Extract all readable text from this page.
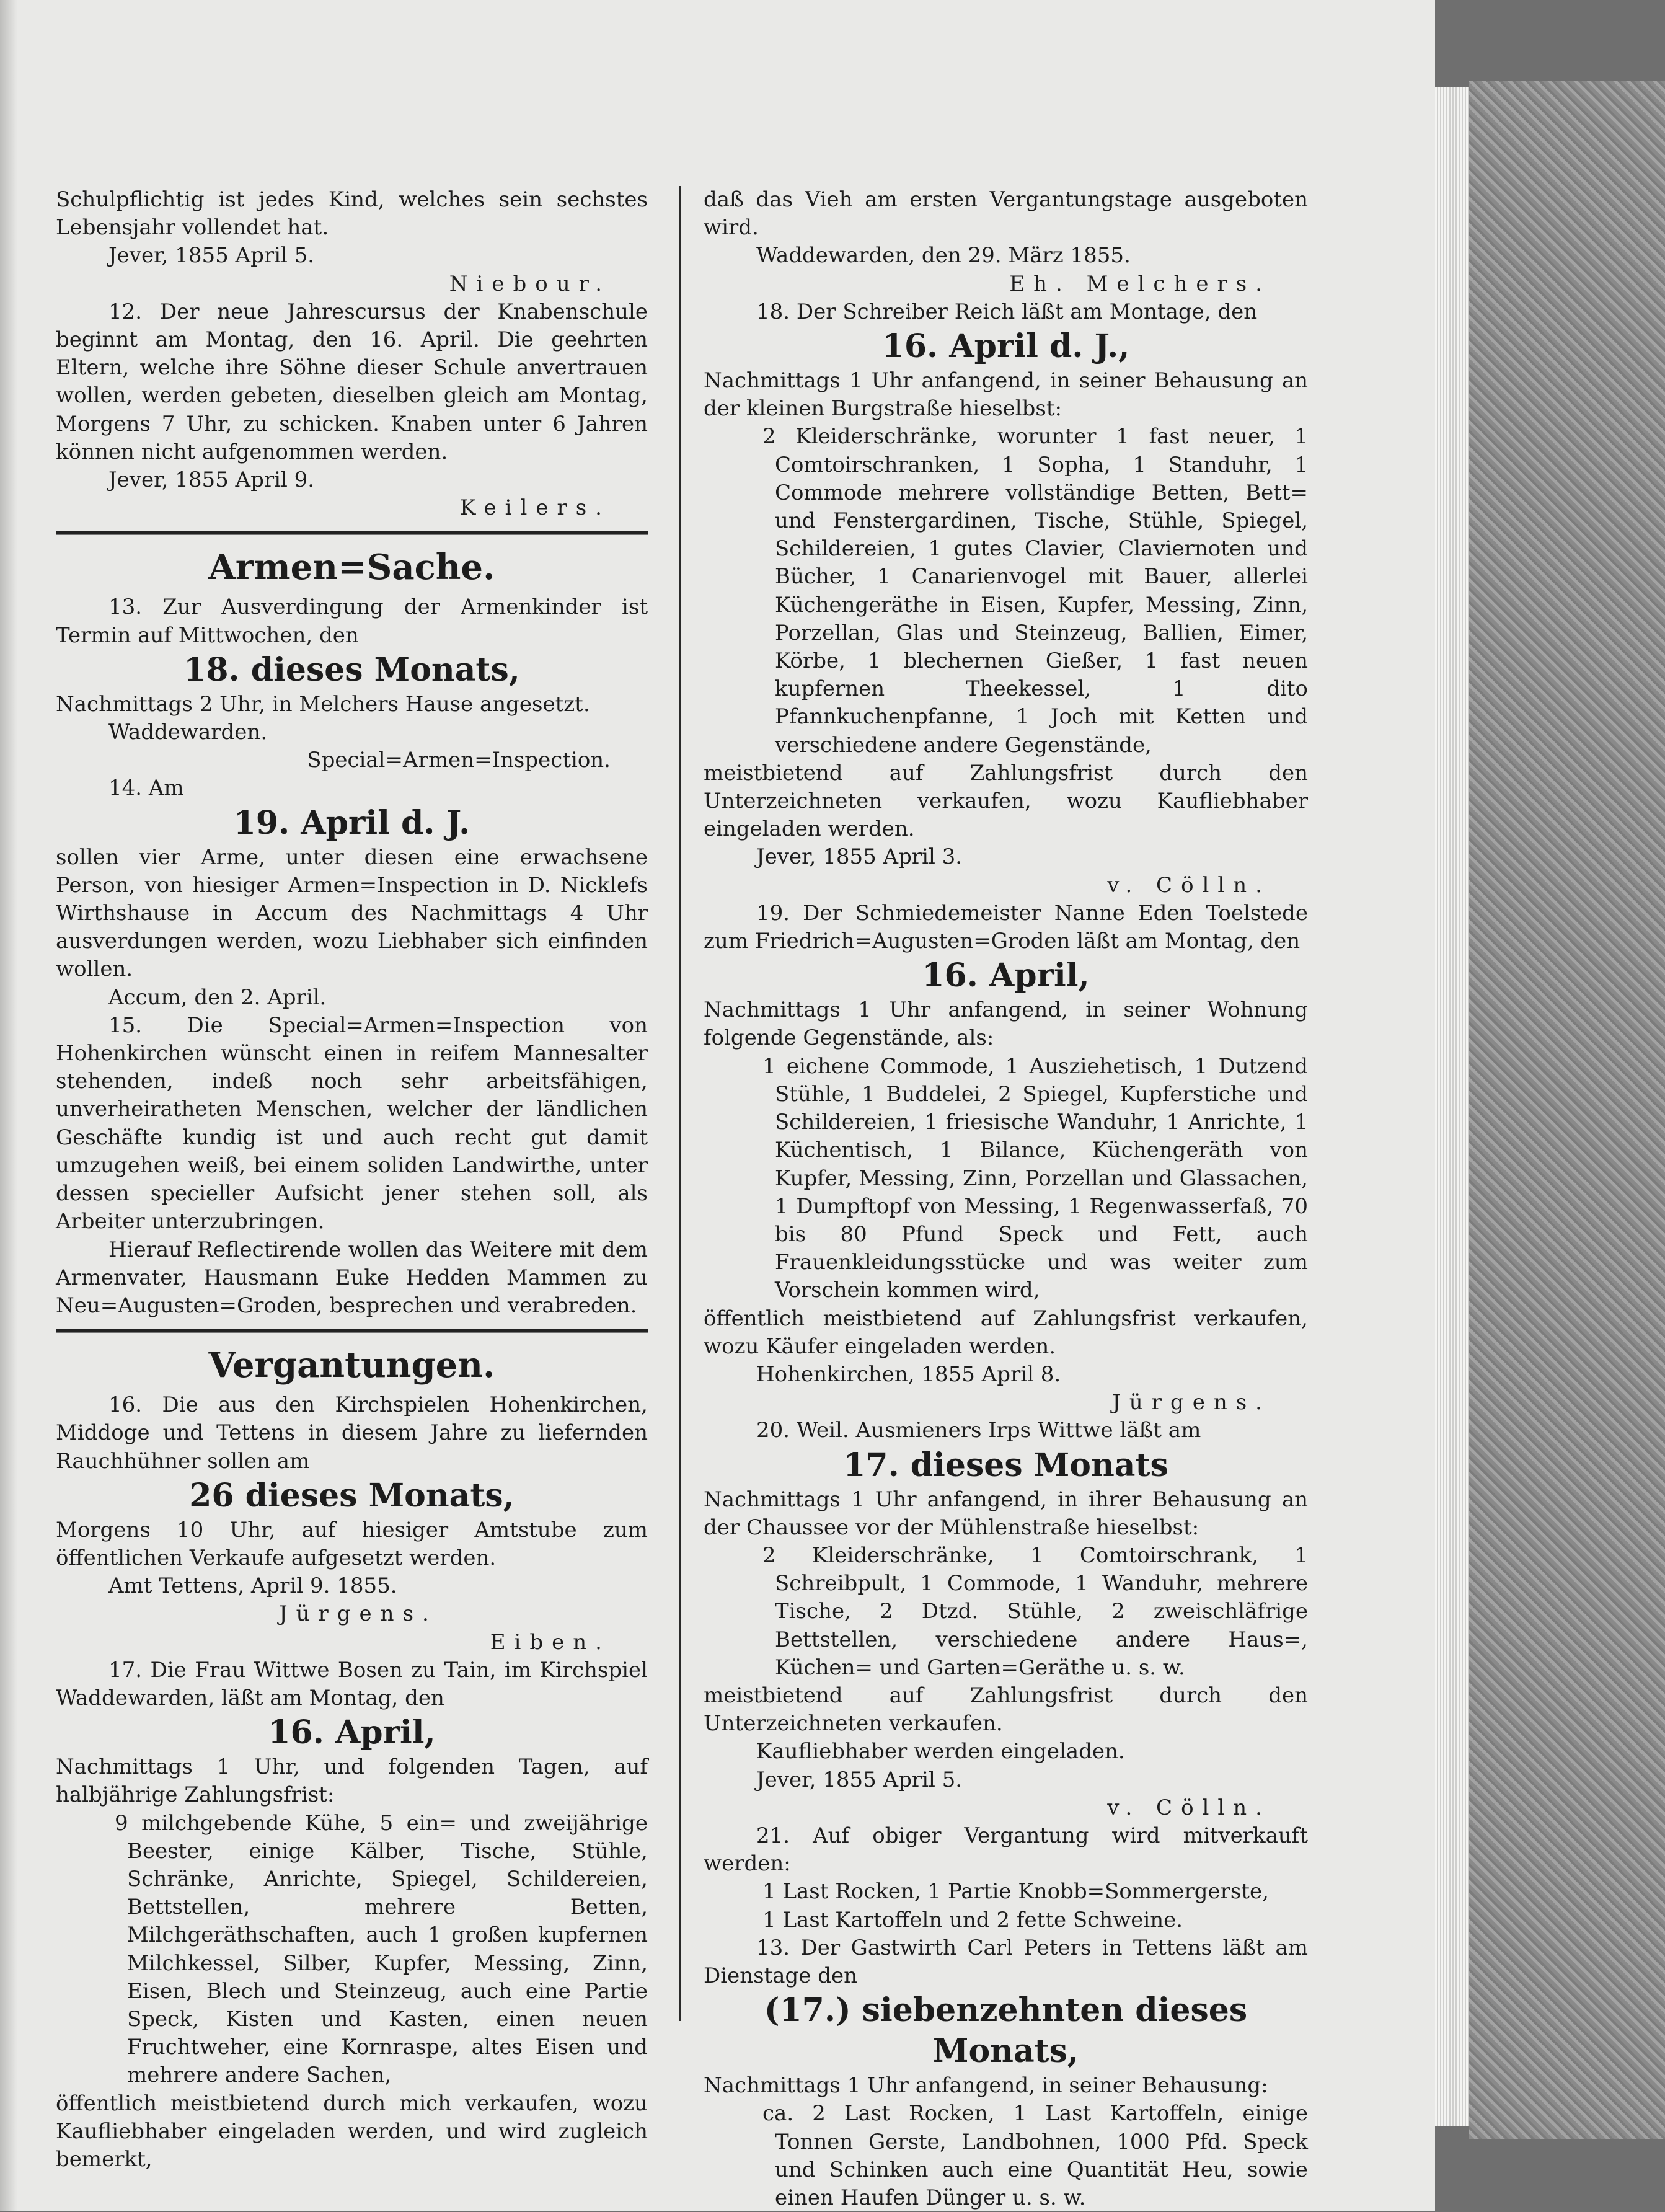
Schulpflichtig ist jedes Kind, welches sein sechstes Lebensjahr vollendet hat.

Jever, 1855 April 5.

Niebour.

12. Der neue Jahrescursus der Knabenschule beginnt am Montag, den 16. April. Die geehrten Eltern, welche ihre Söhne dieser Schule anvertrauen wollen, werden gebeten, dieselben gleich am Montag, Morgens 7 Uhr, zu schicken. Knaben unter 6 Jahren können nicht aufgenommen werden.

Jever, 1855 April 9.

Keilers.

Armen=Sache.

13. Zur Ausverdingung der Armenkinder ist Termin auf Mittwochen, den

18. dieses Monats,

Nachmittags 2 Uhr, in Melchers Hause angesetzt.

Waddewarden.

Special=Armen=Inspection.

14. Am

19. April d. J.

sollen vier Arme, unter diesen eine erwachsene Person, von hiesiger Armen=Inspection in D. Nicklefs Wirthshause in Accum des Nachmittags 4 Uhr ausverdungen werden, wozu Liebhaber sich einfinden wollen.

Accum, den 2. April.

15. Die Special=Armen=Inspection von Hohenkirchen wünscht einen in reifem Mannesalter stehenden, indeß noch sehr arbeitsfähigen, unverheiratheten Menschen, welcher der ländlichen Geschäfte kundig ist und auch recht gut damit umzugehen weiß, bei einem soliden Landwirthe, unter dessen specieller Aufsicht jener stehen soll, als Arbeiter unterzubringen.

Hierauf Reflectirende wollen das Weitere mit dem Armenvater, Hausmann Euke Hedden Mammen zu Neu=Augusten=Groden, besprechen und verabreden.

Vergantungen.

16. Die aus den Kirchspielen Hohenkirchen, Middoge und Tettens in diesem Jahre zu liefernden Rauchhühner sollen am

26 dieses Monats,

Morgens 10 Uhr, auf hiesiger Amtstube zum öffentlichen Verkaufe aufgesetzt werden.

Amt Tettens, April 9. 1855.

Jürgens.

Eiben.

17. Die Frau Wittwe Bosen zu Tain, im Kirchspiel Waddewarden, läßt am Montag, den

16. April,

Nachmittags 1 Uhr, und folgenden Tagen, auf halbjährige Zahlungsfrist:

9 milchgebende Kühe, 5 ein= und zweijährige Beester, einige Kälber, Tische, Stühle, Schränke, Anrichte, Spiegel, Schildereien, Bettstellen, mehrere Betten, Milchgeräthschaften, auch 1 großen kupfernen Milchkessel, Silber, Kupfer, Messing, Zinn, Eisen, Blech und Steinzeug, auch eine Partie Speck, Kisten und Kasten, einen neuen Fruchtweher, eine Kornraspe, altes Eisen und mehrere andere Sachen,

öffentlich meistbietend durch mich verkaufen, wozu Kaufliebhaber eingeladen werden, und wird zugleich bemerkt,

daß das Vieh am ersten Vergantungstage ausgeboten wird.

Waddewarden, den 29. März 1855.

Eh. Melchers.

18. Der Schreiber Reich läßt am Montage, den

16. April d. J.,

Nachmittags 1 Uhr anfangend, in seiner Behausung an der kleinen Burgstraße hieselbst:

2 Kleiderschränke, worunter 1 fast neuer, 1 Comtoirschranken, 1 Sopha, 1 Standuhr, 1 Commode mehrere vollständige Betten, Bett= und Fenstergardinen, Tische, Stühle, Spiegel, Schildereien, 1 gutes Clavier, Claviernoten und Bücher, 1 Canarienvogel mit Bauer, allerlei Küchengeräthe in Eisen, Kupfer, Messing, Zinn, Porzellan, Glas und Steinzeug, Ballien, Eimer, Körbe, 1 blechernen Gießer, 1 fast neuen kupfernen Theekessel, 1 dito Pfannkuchenpfanne, 1 Joch mit Ketten und verschiedene andere Gegenstände,

meistbietend auf Zahlungsfrist durch den Unterzeichneten verkaufen, wozu Kaufliebhaber eingeladen werden.

Jever, 1855 April 3.

v. Cölln.

19. Der Schmiedemeister Nanne Eden Toelstede zum Friedrich=Augusten=Groden läßt am Montag, den

16. April,

Nachmittags 1 Uhr anfangend, in seiner Wohnung folgende Gegenstände, als:

1 eichene Commode, 1 Ausziehetisch, 1 Dutzend Stühle, 1 Buddelei, 2 Spiegel, Kupferstiche und Schildereien, 1 friesische Wanduhr, 1 Anrichte, 1 Küchentisch, 1 Bilance, Küchengeräth von Kupfer, Messing, Zinn, Porzellan und Glassachen, 1 Dumpftopf von Messing, 1 Regenwasserfaß, 70 bis 80 Pfund Speck und Fett, auch Frauenkleidungsstücke und was weiter zum Vorschein kommen wird,

öffentlich meistbietend auf Zahlungsfrist verkaufen, wozu Käufer eingeladen werden.

Hohenkirchen, 1855 April 8.

Jürgens.

20. Weil. Ausmieners Irps Wittwe läßt am

17. dieses Monats

Nachmittags 1 Uhr anfangend, in ihrer Behausung an der Chaussee vor der Mühlenstraße hieselbst:

2 Kleiderschränke, 1 Comtoirschrank, 1 Schreibpult, 1 Commode, 1 Wanduhr, mehrere Tische, 2 Dtzd. Stühle, 2 zweischläfrige Bettstellen, verschiedene andere Haus=, Küchen= und Garten=Geräthe u. s. w.

meistbietend auf Zahlungsfrist durch den Unterzeichneten verkaufen.

Kaufliebhaber werden eingeladen.

Jever, 1855 April 5.

v. Cölln.

21. Auf obiger Vergantung wird mitverkauft werden:

1 Last Rocken, 1 Partie Knobb=Sommergerste,

1 Last Kartoffeln und 2 fette Schweine.

13. Der Gastwirth Carl Peters in Tettens läßt am Dienstage den

(17.) siebenzehnten dieses Monats,

Nachmittags 1 Uhr anfangend, in seiner Behausung:

ca. 2 Last Rocken, 1 Last Kartoffeln, einige Tonnen Gerste, Landbohnen, 1000 Pfd. Speck und Schinken auch eine Quantität Heu, sowie einen Haufen Dünger u. s. w.
